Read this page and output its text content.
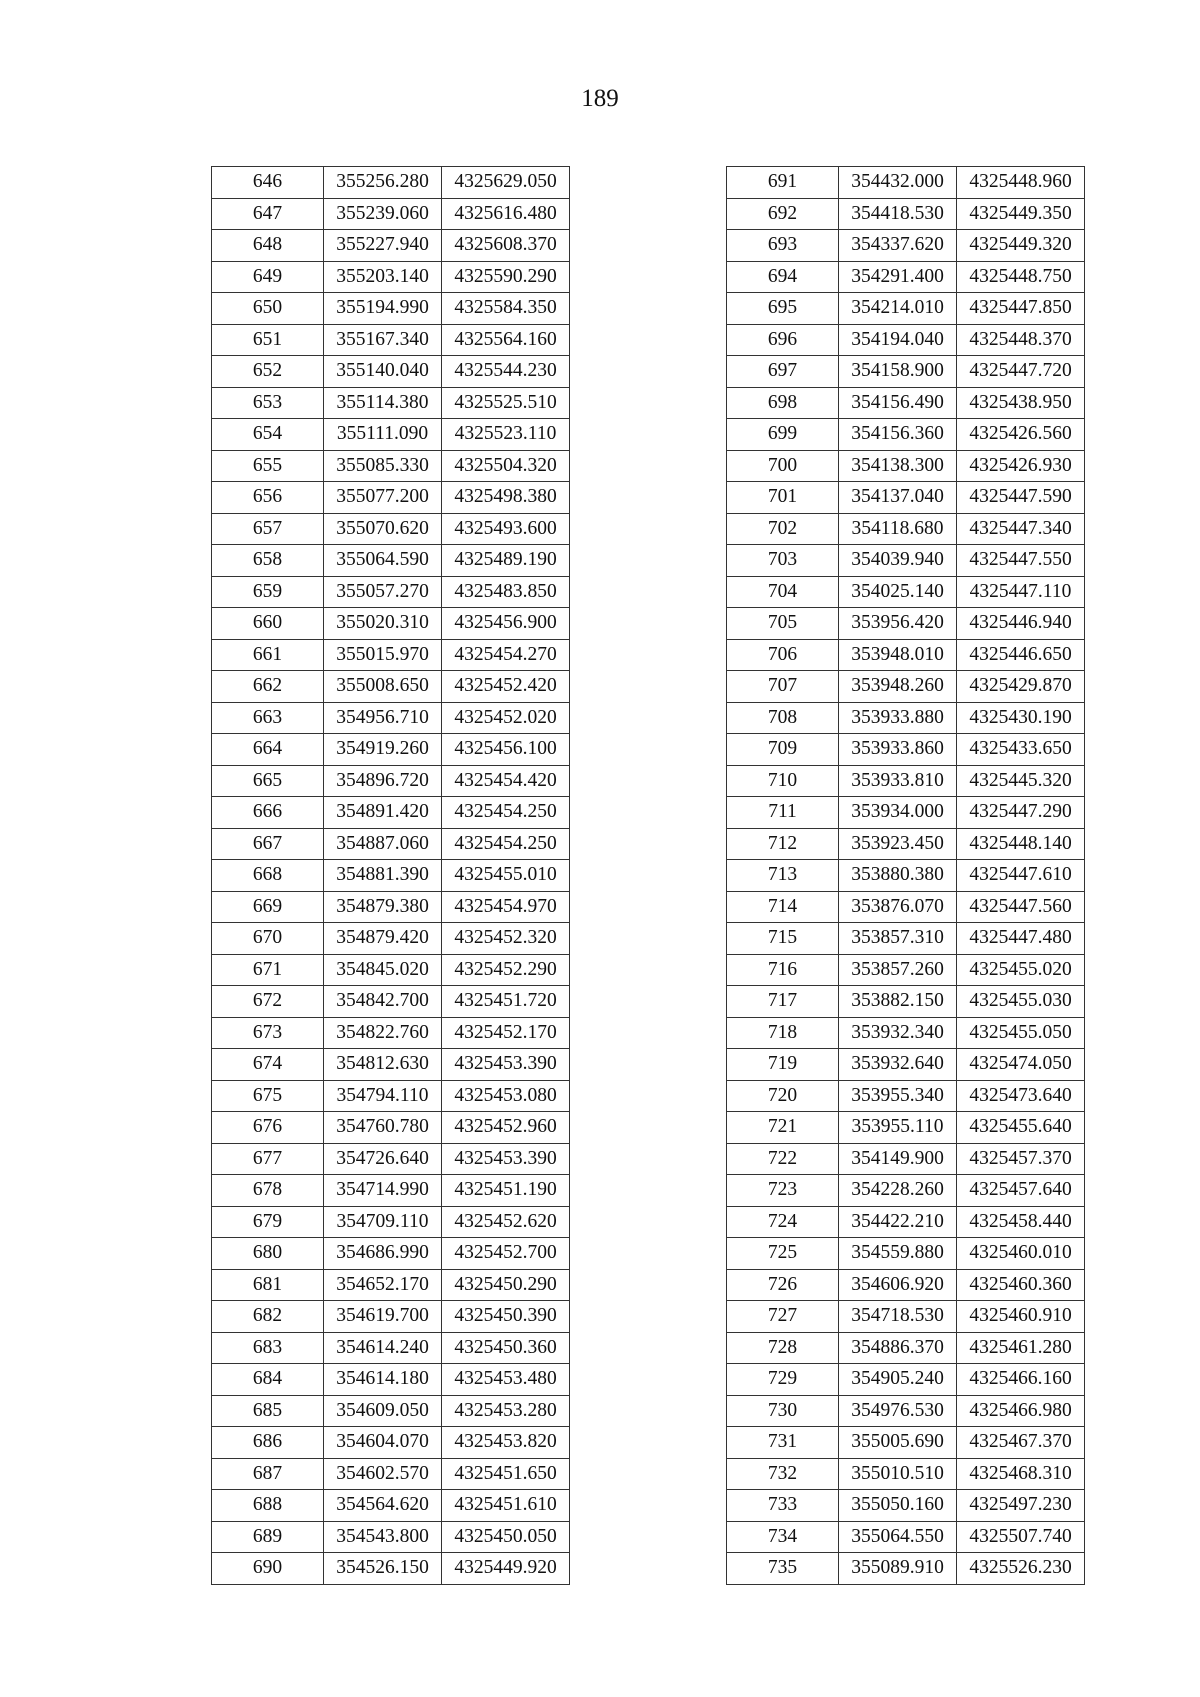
189
646	355256.280	4325629.050
647	355239.060	4325616.480
648	355227.940	4325608.370
649	355203.140	4325590.290
650	355194.990	4325584.350
651	355167.340	4325564.160
652	355140.040	4325544.230
653	355114.380	4325525.510
654	355111.090	4325523.110
655	355085.330	4325504.320
656	355077.200	4325498.380
657	355070.620	4325493.600
658	355064.590	4325489.190
659	355057.270	4325483.850
660	355020.310	4325456.900
661	355015.970	4325454.270
662	355008.650	4325452.420
663	354956.710	4325452.020
664	354919.260	4325456.100
665	354896.720	4325454.420
666	354891.420	4325454.250
667	354887.060	4325454.250
668	354881.390	4325455.010
669	354879.380	4325454.970
670	354879.420	4325452.320
671	354845.020	4325452.290
672	354842.700	4325451.720
673	354822.760	4325452.170
674	354812.630	4325453.390
675	354794.110	4325453.080
676	354760.780	4325452.960
677	354726.640	4325453.390
678	354714.990	4325451.190
679	354709.110	4325452.620
680	354686.990	4325452.700
681	354652.170	4325450.290
682	354619.700	4325450.390
683	354614.240	4325450.360
684	354614.180	4325453.480
685	354609.050	4325453.280
686	354604.070	4325453.820
687	354602.570	4325451.650
688	354564.620	4325451.610
689	354543.800	4325450.050
690	354526.150	4325449.920
691	354432.000	4325448.960
692	354418.530	4325449.350
693	354337.620	4325449.320
694	354291.400	4325448.750
695	354214.010	4325447.850
696	354194.040	4325448.370
697	354158.900	4325447.720
698	354156.490	4325438.950
699	354156.360	4325426.560
700	354138.300	4325426.930
701	354137.040	4325447.590
702	354118.680	4325447.340
703	354039.940	4325447.550
704	354025.140	4325447.110
705	353956.420	4325446.940
706	353948.010	4325446.650
707	353948.260	4325429.870
708	353933.880	4325430.190
709	353933.860	4325433.650
710	353933.810	4325445.320
711	353934.000	4325447.290
712	353923.450	4325448.140
713	353880.380	4325447.610
714	353876.070	4325447.560
715	353857.310	4325447.480
716	353857.260	4325455.020
717	353882.150	4325455.030
718	353932.340	4325455.050
719	353932.640	4325474.050
720	353955.340	4325473.640
721	353955.110	4325455.640
722	354149.900	4325457.370
723	354228.260	4325457.640
724	354422.210	4325458.440
725	354559.880	4325460.010
726	354606.920	4325460.360
727	354718.530	4325460.910
728	354886.370	4325461.280
729	354905.240	4325466.160
730	354976.530	4325466.980
731	355005.690	4325467.370
732	355010.510	4325468.310
733	355050.160	4325497.230
734	355064.550	4325507.740
735	355089.910	4325526.230
